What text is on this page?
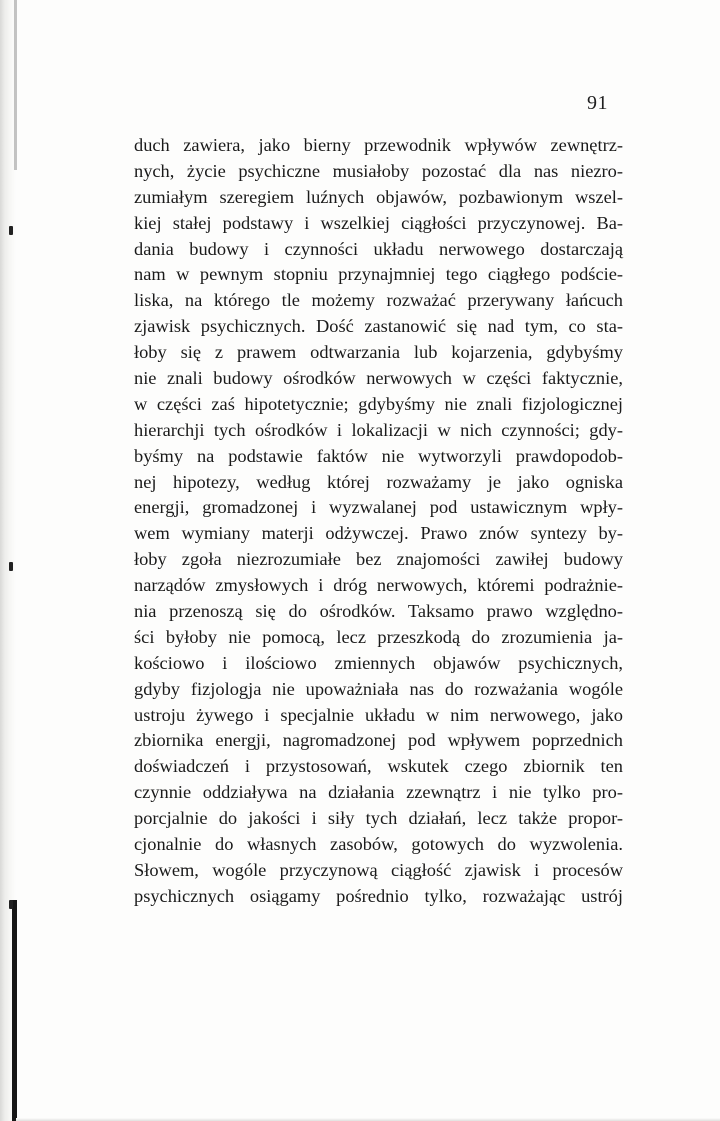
91
duch zawiera, jako bierny przewodnik wpływów zewnętrz-
nych, życie psychiczne musiałoby pozostać dla nas niezro-
zumiałym szeregiem luźnych objawów, pozbawionym wszel-
kiej stałej podstawy i wszelkiej ciągłości przyczynowej. Ba-
dania budowy i czynności układu nerwowego dostarczają
nam w pewnym stopniu przynajmniej tego ciągłego podście-
liska, na którego tle możemy rozważać przerywany łańcuch
zjawisk psychicznych. Dość zastanowić się nad tym, co sta-
łoby się z prawem odtwarzania lub kojarzenia, gdybyśmy
nie znali budowy ośrodków nerwowych w części faktycznie,
w części zaś hipotetycznie; gdybyśmy nie znali fizjologicznej
hierarchji tych ośrodków i lokalizacji w nich czynności; gdy-
byśmy na podstawie faktów nie wytworzyli prawdopodob-
nej hipotezy, według której rozważamy je jako ogniska
energji, gromadzonej i wyzwalanej pod ustawicznym wpły-
wem wymiany materji odżywczej. Prawo znów syntezy by-
łoby zgoła niezrozumiałe bez znajomości zawiłej budowy
narządów zmysłowych i dróg nerwowych, któremi podrażnie-
nia przenoszą się do ośrodków. Taksamo prawo względno-
ści byłoby nie pomocą, lecz przeszkodą do zrozumienia ja-
kościowo i ilościowo zmiennych objawów psychicznych,
gdyby fizjologja nie upoważniała nas do rozważania wogóle
ustroju żywego i specjalnie układu w nim nerwowego, jako
zbiornika energji, nagromadzonej pod wpływem poprzednich
doświadczeń i przystosowań, wskutek czego zbiornik ten
czynnie oddziaływa na działania zzewnątrz i nie tylko pro-
porcjalnie do jakości i siły tych działań, lecz także propor-
cjonalnie do własnych zasobów, gotowych do wyzwolenia.
Słowem, wogóle przyczynową ciągłość zjawisk i procesów
psychicznych osiągamy pośrednio tylko, rozważając ustrój
